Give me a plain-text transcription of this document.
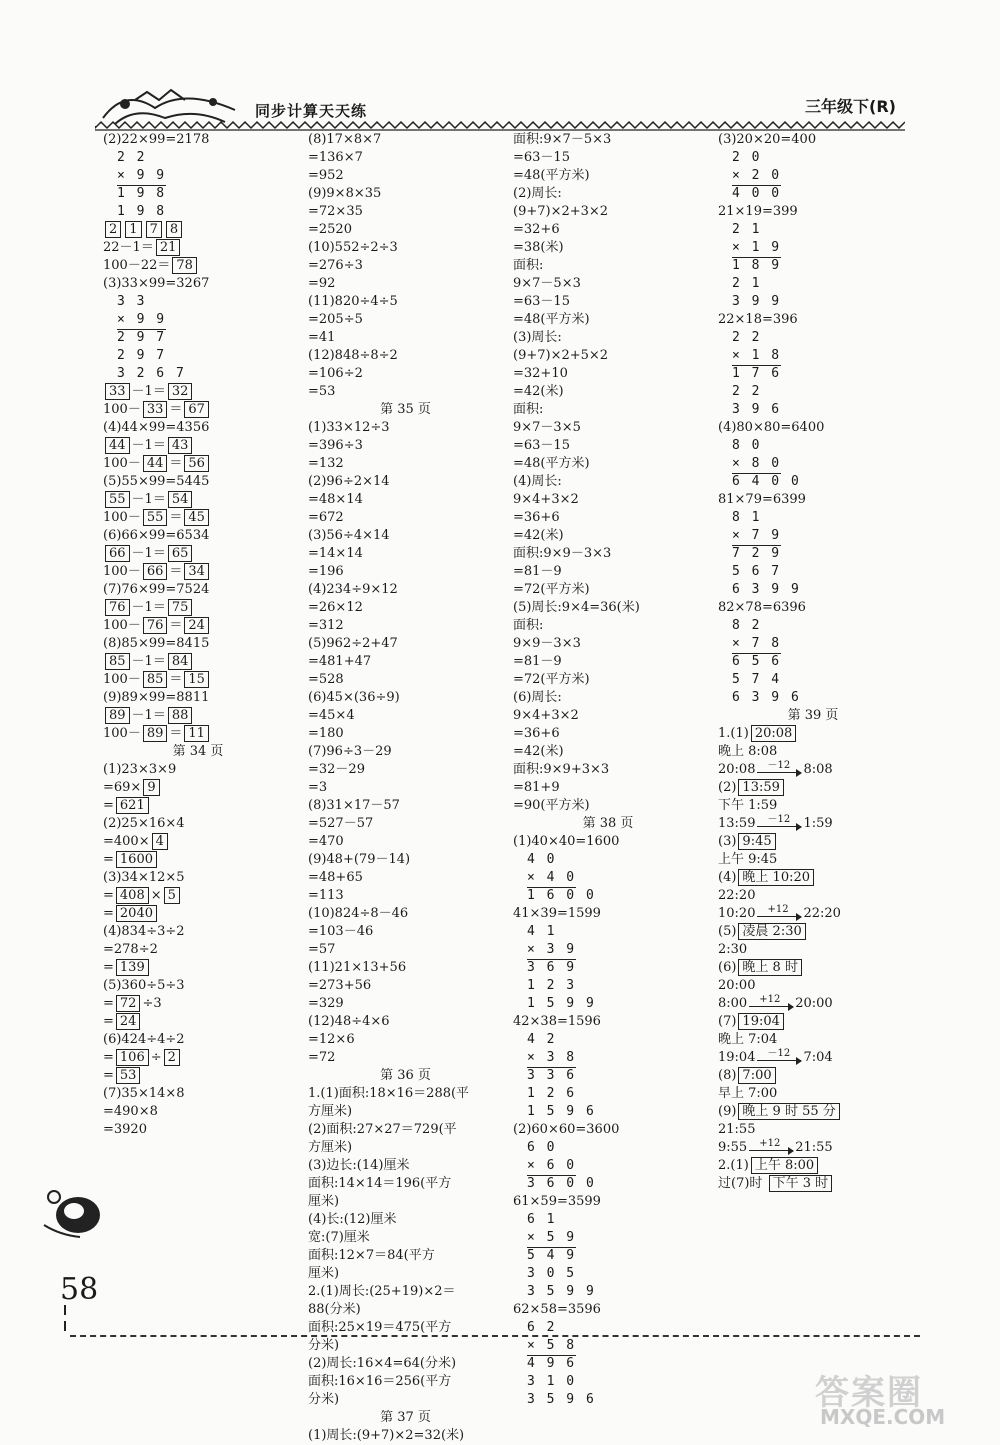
同步计算天天练	三年级下(R)
(2)22×99=2178
2 2
× 9 9
1 9 8
1 9 8
2 1 7 8
22－1＝ 21
100－22＝ 78
(3)33×99=3267
3 3
× 9 9
2 9 7
2 9 7
3 2 6 7
33 －1＝ 32
100－ 33 ＝ 67
(4)44×99=4356
44 －1＝ 43
100－ 44 ＝ 56
(5)55×99=5445
55 －1＝ 54
100－ 55 ＝ 45
(6)66×99=6534
66 －1＝ 65
100－ 66 ＝ 34
(7)76×99=7524
76 －1＝ 75
100－ 76 ＝ 24
(8)85×99=8415
85 －1＝ 84
100－ 85 ＝ 15
(9)89×99=8811
89 －1＝ 88
100－ 89 ＝ 11
第 34 页
(1)23×3×9
=69× 9
= 621
(2)25×16×4
=400× 4
= 1600
(3)34×12×5
= 408 × 5
= 2040
(4)834÷3÷2
=278÷2
= 139
(5)360÷5÷3
= 72 ÷3
= 24
(6)424÷4÷2
= 106 ÷ 2
= 53
(7)35×14×8
=490×8
=3920
(8)17×8×7
=136×7
=952
(9)9×8×35
=72×35
=2520
(10)552÷2÷3
=276÷3
=92
(11)820÷4÷5
=205÷5
=41
(12)848÷8÷2
=106÷2
=53
第 35 页
(1)33×12÷3
=396÷3
=132
(2)96÷2×14
=48×14
=672
(3)56÷4×14
=14×14
=196
(4)234÷9×12
=26×12
=312
(5)962÷2+47
=481+47
=528
(6)45×(36÷9)
=45×4
=180
(7)96÷3－29
=32－29
=3
(8)31×17－57
=527－57
=470
(9)48+(79－14)
=48+65
=113
(10)824÷8－46
=103－46
=57
(11)21×13+56
=273+56
=329
(12)48÷4×6
=12×6
=72
第 36 页
1.(1)面积:18×16＝288(平
方厘米)
(2)面积:27×27＝729(平
方厘米)
(3)边长:(14)厘米
面积:14×14＝196(平方
厘米)
(4)长:(12)厘米
宽:(7)厘米
面积:12×7＝84(平方
厘米)
2.(1)周长:(25+19)×2＝
88(分米)
面积:25×19＝475(平方
分米)
(2)周长:16×4=64(分米)
面积:16×16＝256(平方
分米)
第 37 页
(1)周长:(9+7)×2=32(米)
面积:9×7－5×3
=63－15
=48(平方米)
(2)周长:
(9+7)×2+3×2
=32+6
=38(米)
面积:
9×7－5×3
=63－15
=48(平方米)
(3)周长:
(9+7)×2+5×2
=32+10
=42(米)
面积:
9×7－3×5
=63－15
=48(平方米)
(4)周长:
9×4+3×2
=36+6
=42(米)
面积:9×9－3×3
=81－9
=72(平方米)
(5)周长:9×4=36(米)
面积:
9×9－3×3
=81－9
=72(平方米)
(6)周长:
9×4+3×2
=36+6
=42(米)
面积:9×9+3×3
=81+9
=90(平方米)
第 38 页
(1)40×40=1600
4 0
× 4 0
1 6 0 0
41×39=1599
4 1
× 3 9
3 6 9
1 2 3
1 5 9 9
42×38=1596
4 2
× 3 8
3 3 6
1 2 6
1 5 9 6
(2)60×60=3600
6 0
× 6 0
3 6 0 0
61×59=3599
6 1
× 5 9
5 4 9
3 0 5
3 5 9 9
62×58=3596
6 2
× 5 8
4 9 6
3 1 0
3 5 9 6
(3)20×20=400
2 0
× 2 0
4 0 0
21×19=399
2 1
× 1 9
1 8 9
2 1
3 9 9
22×18=396
2 2
× 1 8
1 7 6
2 2
3 9 6
(4)80×80=6400
8 0
× 8 0
6 4 0 0
81×79=6399
8 1
× 7 9
7 2 9
5 6 7
6 3 9 9
82×78=6396
8 2
× 7 8
6 5 6
5 7 4
6 3 9 6
第 39 页
1.(1) 20:08
晚上 8:08
20:08 －12 8:08
(2) 13:59
下午 1:59
13:59 －12 1:59
(3) 9:45
上午 9:45
(4) 晚上 10:20
22:20
10:20 +12 22:20
(5) 凌晨 2:30
2:30
(6) 晚上 8 时
20:00
8:00 +12 20:00
(7) 19:04
晚上 7:04
19:04 －12 7:04
(8) 7:00
早上 7:00
(9) 晚上 9 时 55 分
21:55
9:55 +12 21:55
2.(1) 上午 8:00
过(7)时 下午 3 时
58
答案圈
MXQE.COM
